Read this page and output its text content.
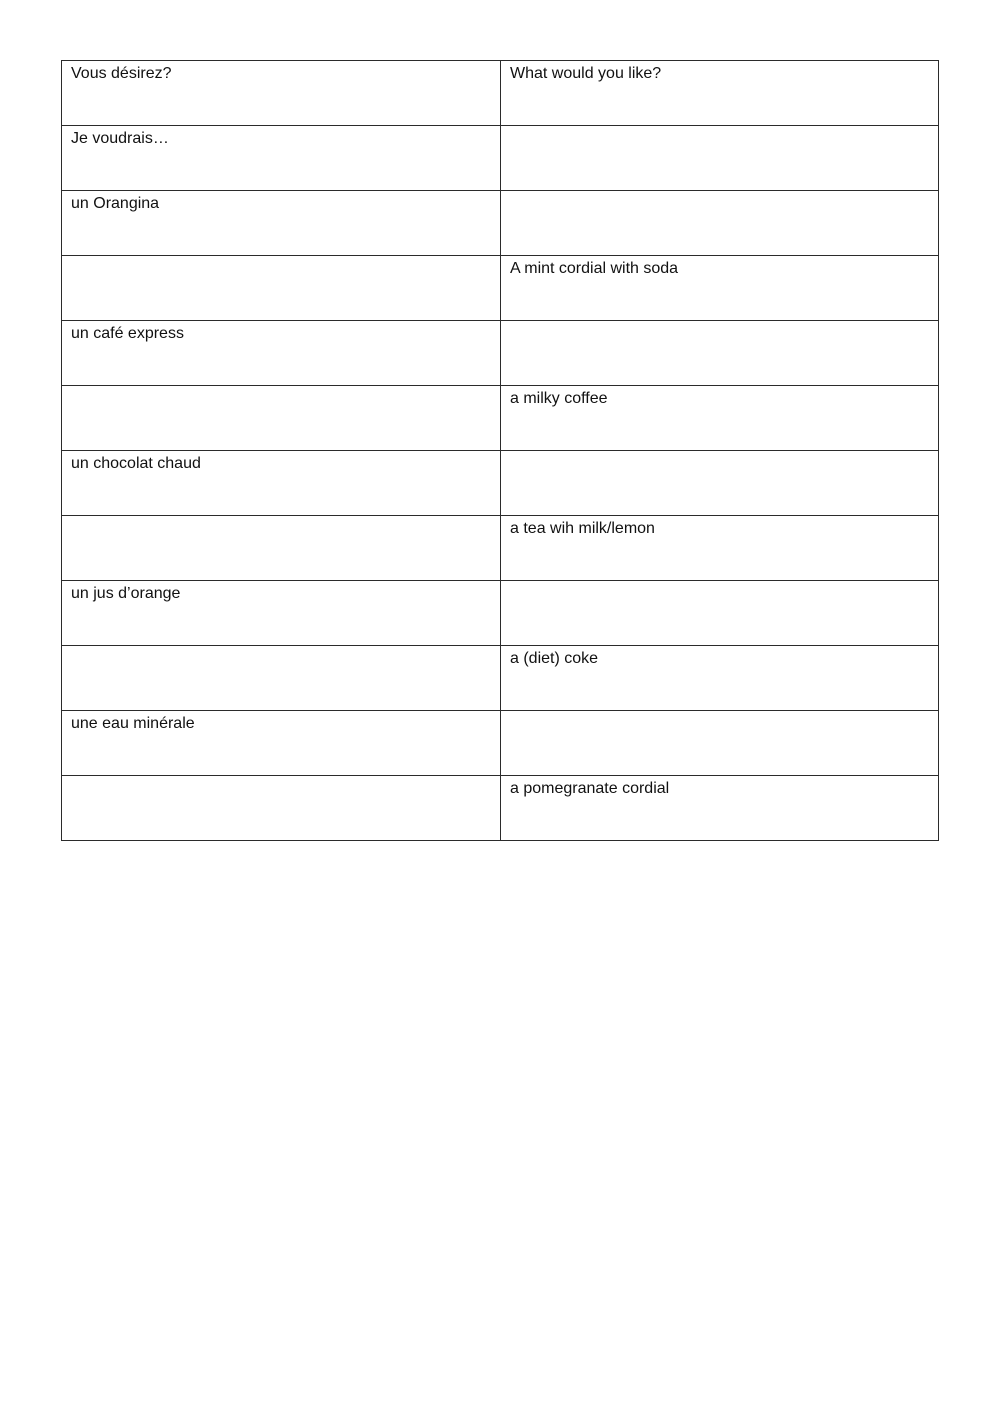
Vous désirez?	What would you like?
Je voudrais…	
un Orangina	
	A mint cordial with soda
un café express	
	a milky coffee
un chocolat chaud	
	a tea wih milk/lemon
un jus d’orange	
	a (diet) coke
une eau minérale	
	a pomegranate cordial
